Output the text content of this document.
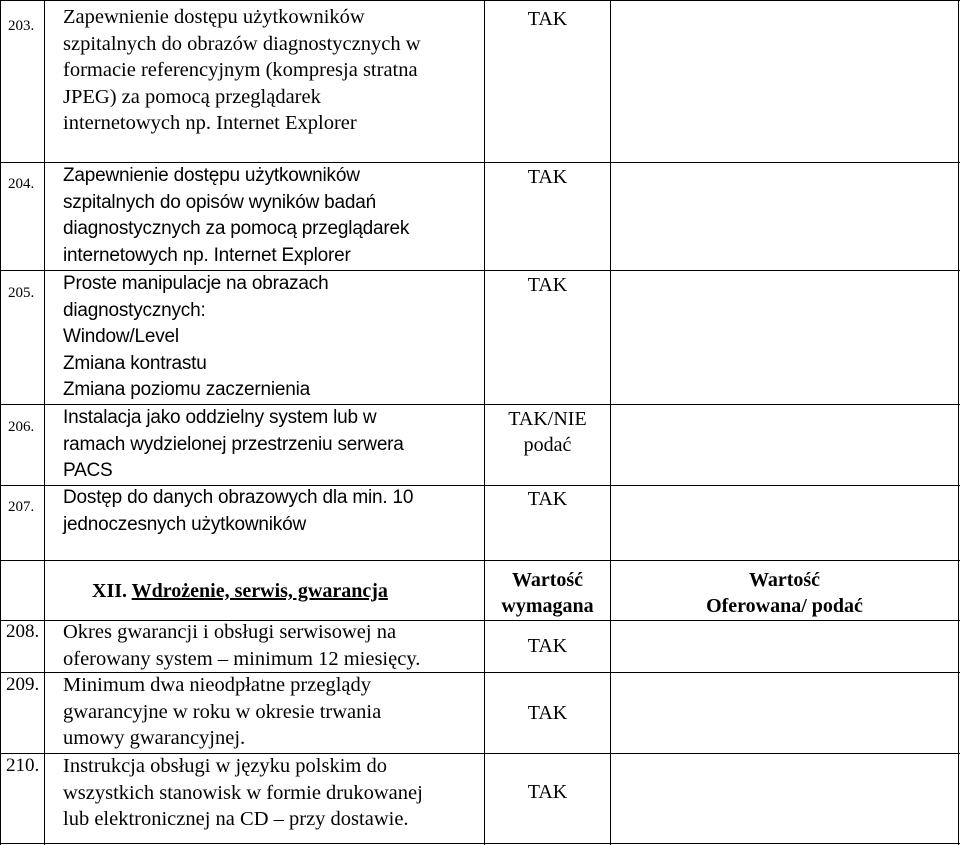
203. Zapewnienie dostępu użytkowników
szpitalnych do obrazów diagnostycznych w
formacie referencyjnym (kompresja stratna
JPEG) za pomocą przeglądarek
internetowych np. Internet Explorer
TAK
204. Zapewnienie dostępu użytkowników
szpitalnych do opisów wyników badań
diagnostycznych za pomocą przeglądarek
internetowych np. Internet Explorer
TAK
205. Proste manipulacje na obrazach
diagnostycznych:
Window/Level
Zmiana kontrastu
Zmiana poziomu zaczernienia
TAK
206. Instalacja jako oddzielny system lub w
ramach wydzielonej przestrzeniu serwera
PACS
TAK/NIE
podać
207. Dostęp do danych obrazowych dla min. 10
jednoczesnych użytkowników
TAK
XII. Wdrożenie, serwis, gwarancja	Wartość
wymagana
Wartość
Oferowana/ podać
208. Okres gwarancji i obsługi serwisowej na
oferowany system – minimum 12 miesięcy.
TAK
209. Minimum dwa nieodpłatne przeglądy
gwarancyjne w roku w okresie trwania
umowy gwarancyjnej.
TAK
210. Instrukcja obsługi w języku polskim do
wszystkich stanowisk w formie drukowanej
lub elektronicznej na CD – przy dostawie.
TAK
